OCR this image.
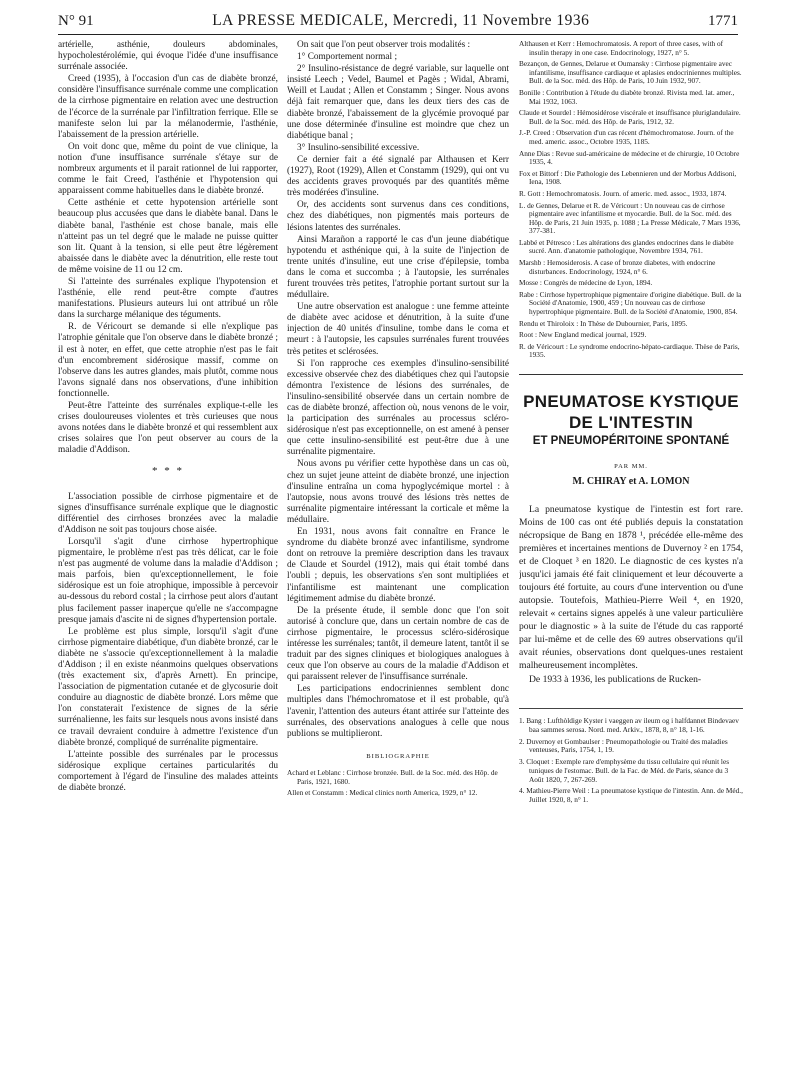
N° 91	LA PRESSE MEDICALE, Mercredi, 11 Novembre 1936	1771

artérielle, asthénie, douleurs abdominales, hypocholestérolémie, qui évoque l'idée d'une insuffisance surrénale associée.

Creed (1935), à l'occasion d'un cas de diabète bronzé, considère l'insuffisance surrénale comme une complication de la cirrhose pigmentaire en relation avec une destruction de l'écorce de la surrénale par l'infiltration ferrique. Elle se manifeste selon lui par la mélanodermie, l'asthénie, l'abaissement de la pression artérielle.

On voit donc que, même du point de vue clinique, la notion d'une insuffisance surrénale s'étaye sur de nombreux arguments et il parait rationnel de lui rapporter, comme le fait Creed, l'asthénie et l'hypotension qui apparaissent comme habituelles dans le diabète bronzé.

Cette asthénie et cette hypotension artérielle sont beaucoup plus accusées que dans le diabète banal. Dans le diabète banal, l'asthénie est chose banale, mais elle n'atteint pas un tel degré que le malade ne puisse quitter son lit. Quant à la tension, si elle peut être légèrement abaissée dans le diabète avec la dénutrition, elle reste tout de même voisine de 11 ou 12 cm.

Si l'atteinte des surrénales explique l'hypotension et l'asthénie, elle rend peut-être compte d'autres manifestations. Plusieurs auteurs lui ont attribué un rôle dans la surcharge mélanique des téguments.

R. de Véricourt se demande si elle n'explique pas l'atrophie génitale que l'on observe dans le diabète bronzé ; il est à noter, en effet, que cette atrophie n'est pas le fait d'un encombrement sidérosique massif, comme on l'observe dans les autres glandes, mais plutôt, comme nous l'avons signalé dans nos observations, d'une inhibition fonctionnelle.

Peut-être l'atteinte des surrénales explique-t-elle les crises douloureuses violentes et très curieuses que nous avons notées dans le diabète bronzé et qui ressemblent aux crises solaires que l'on peut observer au cours de la maladie d'Addison.

* * *

L'association possible de cirrhose pigmentaire et de signes d'insuffisance surrénale explique que le diagnostic différentiel des cirrhoses bronzées avec la maladie d'Addison ne soit pas toujours chose aisée.

Lorsqu'il s'agit d'une cirrhose hypertrophique pigmentaire, le problème n'est pas très délicat, car le foie n'est pas augmenté de volume dans la maladie d'Addison ; mais parfois, bien qu'exceptionnellement, le foie sidérosique est un foie atrophique, impossible à percevoir au-dessous du rebord costal ; la cirrhose peut alors d'autant plus facilement passer inaperçue qu'elle ne s'accompagne presque jamais d'ascite ni de signes d'hypertension portale.

Le problème est plus simple, lorsqu'il s'agit d'une cirrhose pigmentaire diabétique, d'un diabète bronzé, car le diabète ne s'associe qu'exceptionnellement à la maladie d'Addison ; il en existe néanmoins quelques observations (très exactement six, d'après Arnett). En principe, l'association de pigmentation cutanée et de glycosurie doit conduire au diagnostic de diabète bronzé. Lors même que l'on constaterait l'existence de signes de la série surrénalienne, les faits sur lesquels nous avons insisté dans ce travail devraient conduire à admettre l'existence d'un diabète bronzé, compliqué de surrénalite pigmentaire.

L'atteinte possible des surrénales par le processus sidérosique explique certaines particularités du comportement à l'égard de l'insuline des malades atteints de diabète bronzé.

On sait que l'on peut observer trois modalités :

1° Comportement normal ;

2° Insulino-résistance de degré variable, sur laquelle ont insisté Leech ; Vedel, Baumel et Pagès ; Widal, Abrami, Weill et Laudat ; Allen et Constamm ; Singer. Nous avons déjà fait remarquer que, dans les deux tiers des cas de diabète bronzé, l'abaissement de la glycémie provoqué par une dose déterminée d'insuline est moindre que chez un diabétique banal ;

3° Insulino-sensibilité excessive.

Ce dernier fait a été signalé par Althausen et Kerr (1927), Root (1929), Allen et Constamm (1929), qui ont vu des accidents graves provoqués par des quantités même très modérées d'insuline.

Or, des accidents sont survenus dans ces conditions, chez des diabétiques, non pigmentés mais porteurs de lésions latentes des surrénales.

Ainsi Marañon a rapporté le cas d'un jeune diabétique hypotendu et asthénique qui, à la suite de l'injection de trente unités d'insuline, eut une crise d'épilepsie, tomba dans le coma et succomba ; à l'autopsie, les surrénales furent trouvées très petites, l'atrophie portant surtout sur la médullaire.

Une autre observation est analogue : une femme atteinte de diabète avec acidose et dénutrition, à la suite d'une injection de 40 unités d'insuline, tombe dans le coma et meurt : à l'autopsie, les capsules surrénales furent trouvées très petites et sclérosées.

Si l'on rapproche ces exemples d'insulino-sensibilité excessive observée chez des diabétiques chez qui l'autopsie démontra l'existence de lésions des surrénales, de l'insulino-sensibilité observée dans un certain nombre de cas de diabète bronzé, affection où, nous venons de le voir, la participation des surrénales au processus scléro-sidérosique n'est pas exceptionnelle, on est amené à penser que cette insulino-sensibilité est peut-être due à une surrénalite pigmentaire.

Nous avons pu vérifier cette hypothèse dans un cas où, chez un sujet jeune atteint de diabète bronzé, une injection d'insuline entraîna un coma hypoglycémique mortel : à l'autopsie, nous avons trouvé des lésions très nettes de surrénalite pigmentaire intéressant la corticale et même la médullaire.

En 1931, nous avons fait connaître en France le syndrome du diabète bronzé avec infantilisme, syndrome dont on retrouve la première description dans les travaux de Claude et Sourdel (1912), mais qui était tombé dans l'oubli ; depuis, les observations s'en sont multipliées et l'infantilisme est maintenant une complication légitimement admise du diabète bronzé.

De la présente étude, il semble donc que l'on soit autorisé à conclure que, dans un certain nombre de cas de cirrhose pigmentaire, le processus scléro-sidérosique intéresse les surrénales; tantôt, il demeure latent, tantôt il se traduit par des signes cliniques et biologiques analogues à ceux que l'on observe au cours de la maladie d'Addison et qui paraissent relever de l'insuffisance surrénale.

Les participations endocriniennes semblent donc multiples dans l'hémochromatose et il est probable, qu'à l'avenir, l'attention des auteurs étant attirée sur l'atteinte des surrénales, des observations analogues à celle que nous publions se multiplieront.

BIBLIOGRAPHIE
Achard et Leblanc : Cirrhose bronzée. Bull. de la Soc. méd. des Hôp. de Paris, 1921, 1680.
Allen et Constamm : Medical clinics north America, 1929, n° 12.
Althausen et Kerr : Hemochromatosis. A report of three cases, with of insulin therapy in one case. Endocrinology, 1927, n° 5.
Bezançon, de Gennes, Delarue et Oumansky : Cirrhose pigmentaire avec infantilisme, insuffisance cardiaque et aplasies endocriniennes multiples. Bull. de la Soc. méd. des Hôp. de Paris, 10 Juin 1932, 907.
Bonille : Contribution à l'étude du diabète bronzé. Rivista med. lat. amer., Mai 1932, 1063.
Claude et Sourdel : Hémosidérose viscérale et insuffisance pluriglandulaire. Bull. de la Soc. méd. des Hôp. de Paris, 1912, 32.
J.-P. Creed : Observation d'un cas récent d'hémochromatose. Journ. of the med. americ. assoc., Octobre 1935, 1185.
Anne Dias : Revue sud-américaine de médecine et de chirurgie, 10 Octobre 1935, 4.
Fox et Bittorf : Die Pathologie des Lebennieren und der Morbus Addisoni, Iena, 1908.
R. Gott : Hemochromatosis. Journ. of americ. med. assoc., 1933, 1874.
L. de Gennes, Delarue et R. de Véricourt : Un nouveau cas de cirrhose pigmentaire avec infantilisme et myocardie. Bull. de la Soc. méd. des Hôp. de Paris, 21 Juin 1935, p. 1088 ; La Presse Médicale, 7 Mars 1936, 377-381.
Labbé et Pétresco : Les altérations des glandes endocrines dans le diabète sucré. Ann. d'anatomie pathologique, Novembre 1934, 761.
Marshb : Hemosiderosis. A case of bronze diabetes, with endocrine disturbances. Endocrinology, 1924, n° 6.
Mosse : Congrès de médecine de Lyon, 1894.
Rabe : Cirrhose hypertrophique pigmentaire d'origine diabétique. Bull. de la Société d'Anatomie, 1900, 459 ; Un nouveau cas de cirrhose hypertrophique pigmentaire. Bull. de la Société d'Anatomie, 1900, 854.
Rendu et Thiroloix : In Thèse de Dubournier, Paris, 1895.
Root : New England medical journal, 1929.
R. de Véricourt : Le syndrome endocrino-hépato-cardiaque. Thèse de Paris, 1935.
PNEUMATOSE KYSTIQUE
DE L'INTESTIN
ET PNEUMOPÉRITOINE SPONTANÉ
PAR MM.
M. CHIRAY et A. LOMON

La pneumatose kystique de l'intestin est fort rare. Moins de 100 cas ont été publiés depuis la constatation nécropsique de Bang en 1878 ¹, précédée elle-même des premières et incertaines mentions de Duvernoy ² en 1754, et de Cloquet ³ en 1820. Le diagnostic de ces kystes n'a jusqu'ici jamais été fait cliniquement et leur découverte a toujours été fortuite, au cours d'une intervention ou d'une autopsie. Toutefois, Mathieu-Pierre Weil ⁴, en 1920, relevait « certains signes appelés à une valeur particulière pour le diagnostic » à la suite de l'étude du cas rapporté par lui-même et de celle des 69 autres observations qu'il avait réunies, observations dont quelques-unes restaient malheureusement incomplètes.

De 1933 à 1936, les publications de Rucken-

1. Bang : Lufthòldige Kyster i vaeggen av ileum og i halfdannet Bindevaev baa sammes serosa. Nord. med. Arkiv., 1878, 8, n° 18, 1-16.
2. Duvernoy et Gombaulser : Pneumopathologie ou Traité des maladies venteuses, Paris, 1754, 1, 19.
3. Cloquet : Exemple rare d'emphysème du tissu cellulaire qui réunit les tuniques de l'estomac. Bull. de la Fac. de Méd. de Paris, séance du 3 Août 1820, 7, 267-269.
4. Mathieu-Pierre Weil : La pneumatose kystique de l'intestin. Ann. de Méd., Juillet 1920, 8, n° 1.
